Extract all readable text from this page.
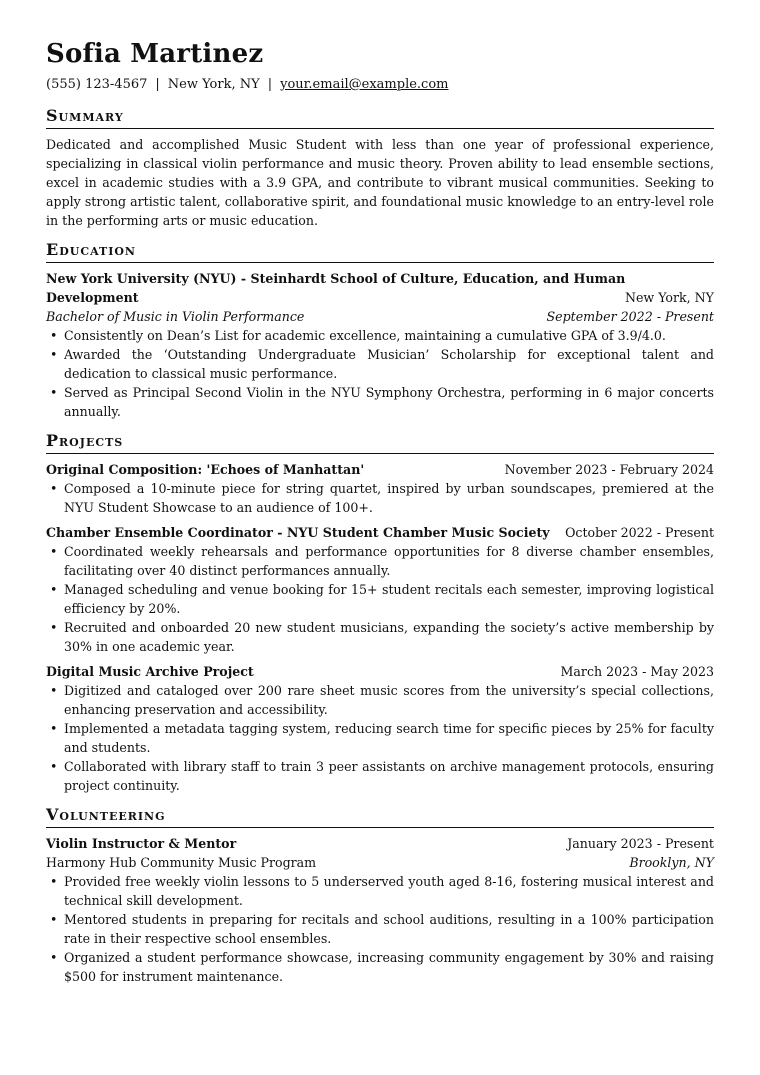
Sofia Martinez
(555) 123-4567 | New York, NY | your.email@example.com
Summary
Dedicated and accomplished Music Student with less than one year of professional experience, specializing in classical violin performance and music theory. Proven ability to lead ensemble sections, excel in academic studies with a 3.9 GPA, and contribute to vibrant musical communities. Seeking to apply strong artistic talent, collaborative spirit, and foundational music knowledge to an entry-level role in the performing arts or music education.
Education
New York University (NYU) - Steinhardt School of Culture, Education, and Human Development	New York, NY
Bachelor of Music in Violin Performance	September 2022 - Present
• Consistently on Dean’s List for academic excellence, maintaining a cumulative GPA of 3.9/4.0.
• Awarded the ‘Outstanding Undergraduate Musician’ Scholarship for exceptional talent and dedication to classical music performance.
• Served as Principal Second Violin in the NYU Symphony Orchestra, performing in 6 major concerts annually.
Projects
Original Composition: 'Echoes of Manhattan'	November 2023 - February 2024
• Composed a 10-minute piece for string quartet, inspired by urban soundscapes, premiered at the NYU Student Showcase to an audience of 100+.
Chamber Ensemble Coordinator - NYU Student Chamber Music Society October 2022 - Present
• Coordinated weekly rehearsals and performance opportunities for 8 diverse chamber ensembles, facilitating over 40 distinct performances annually.
• Managed scheduling and venue booking for 15+ student recitals each semester, improving logistical efficiency by 20%.
• Recruited and onboarded 20 new student musicians, expanding the society’s active membership by 30% in one academic year.
Digital Music Archive Project	March 2023 - May 2023
• Digitized and cataloged over 200 rare sheet music scores from the university’s special collections, enhancing preservation and accessibility.
• Implemented a metadata tagging system, reducing search time for specific pieces by 25% for faculty and students.
• Collaborated with library staff to train 3 peer assistants on archive management protocols, ensuring project continuity.
Volunteering
Violin Instructor & Mentor	January 2023 - Present
Harmony Hub Community Music Program	Brooklyn, NY
• Provided free weekly violin lessons to 5 underserved youth aged 8-16, fostering musical interest and technical skill development.
• Mentored students in preparing for recitals and school auditions, resulting in a 100% participation rate in their respective school ensembles.
• Organized a student performance showcase, increasing community engagement by 30% and raising $500 for instrument maintenance.
